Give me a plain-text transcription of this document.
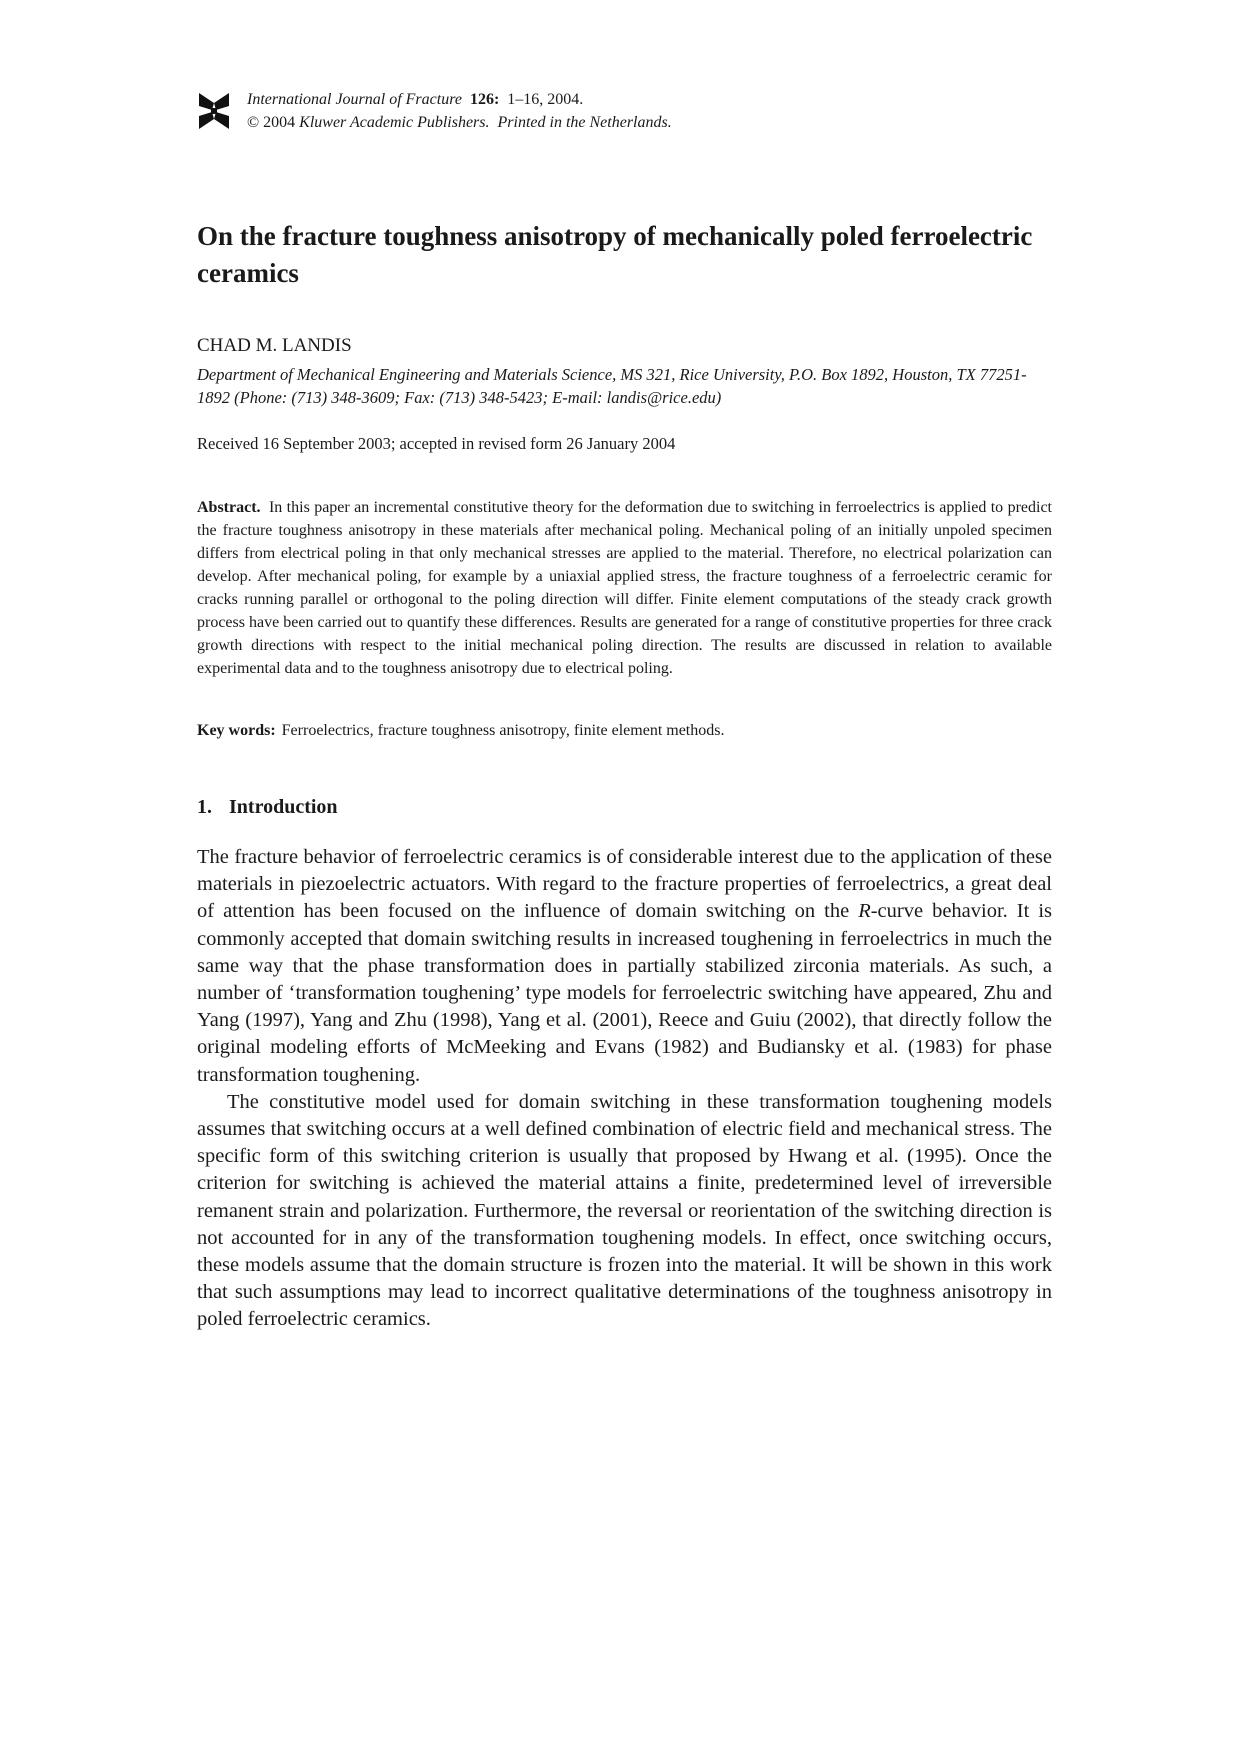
International Journal of Fracture 126: 1–16, 2004.
© 2004 Kluwer Academic Publishers. Printed in the Netherlands.
On the fracture toughness anisotropy of mechanically poled ferroelectric ceramics
CHAD M. LANDIS
Department of Mechanical Engineering and Materials Science, MS 321, Rice University, P.O. Box 1892, Houston, TX 77251-1892 (Phone: (713) 348-3609; Fax: (713) 348-5423; E-mail: landis@rice.edu)
Received 16 September 2003; accepted in revised form 26 January 2004
Abstract. In this paper an incremental constitutive theory for the deformation due to switching in ferroelectrics is applied to predict the fracture toughness anisotropy in these materials after mechanical poling. Mechanical poling of an initially unpoled specimen differs from electrical poling in that only mechanical stresses are applied to the material. Therefore, no electrical polarization can develop. After mechanical poling, for example by a uniaxial applied stress, the fracture toughness of a ferroelectric ceramic for cracks running parallel or orthogonal to the poling direction will differ. Finite element computations of the steady crack growth process have been carried out to quantify these differences. Results are generated for a range of constitutive properties for three crack growth directions with respect to the initial mechanical poling direction. The results are discussed in relation to available experimental data and to the toughness anisotropy due to electrical poling.
Key words: Ferroelectrics, fracture toughness anisotropy, finite element methods.
1. Introduction

The fracture behavior of ferroelectric ceramics is of considerable interest due to the application of these materials in piezoelectric actuators. With regard to the fracture properties of ferroelectrics, a great deal of attention has been focused on the influence of domain switching on the R-curve behavior. It is commonly accepted that domain switching results in increased toughening in ferroelectrics in much the same way that the phase transformation does in partially stabilized zirconia materials. As such, a number of ‘transformation toughening’ type models for ferroelectric switching have appeared, Zhu and Yang (1997), Yang and Zhu (1998), Yang et al. (2001), Reece and Guiu (2002), that directly follow the original modeling efforts of McMeeking and Evans (1982) and Budiansky et al. (1983) for phase transformation toughening.

The constitutive model used for domain switching in these transformation toughening models assumes that switching occurs at a well defined combination of electric field and mechanical stress. The specific form of this switching criterion is usually that proposed by Hwang et al. (1995). Once the criterion for switching is achieved the material attains a finite, predetermined level of irreversible remanent strain and polarization. Furthermore, the reversal or reorientation of the switching direction is not accounted for in any of the transformation toughening models. In effect, once switching occurs, these models assume that the domain structure is frozen into the material. It will be shown in this work that such assumptions may lead to incorrect qualitative determinations of the toughness anisotropy in poled ferroelectric ceramics.
